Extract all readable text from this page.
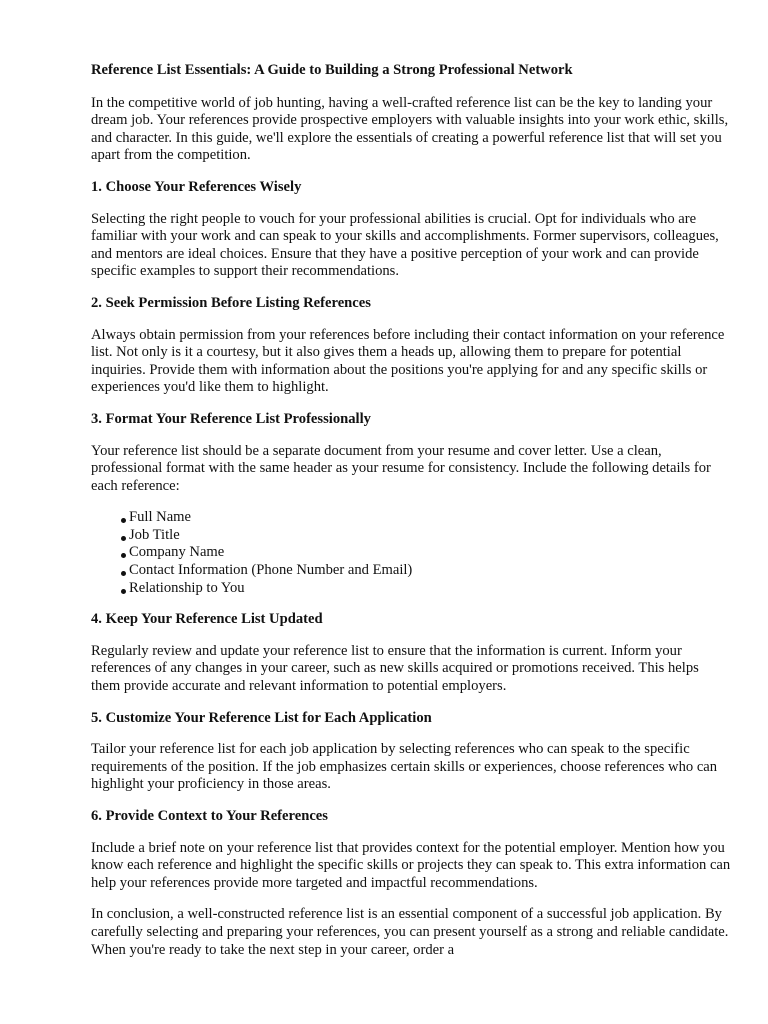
Reference List Essentials: A Guide to Building a Strong Professional Network

In the competitive world of job hunting, having a well-crafted reference list can be the key to landing your dream job. Your references provide prospective employers with valuable insights into your work ethic, skills, and character. In this guide, we'll explore the essentials of creating a powerful reference list that will set you apart from the competition.

1. Choose Your References Wisely

Selecting the right people to vouch for your professional abilities is crucial. Opt for individuals who are familiar with your work and can speak to your skills and accomplishments. Former supervisors, colleagues, and mentors are ideal choices. Ensure that they have a positive perception of your work and can provide specific examples to support their recommendations.

2. Seek Permission Before Listing References

Always obtain permission from your references before including their contact information on your reference list. Not only is it a courtesy, but it also gives them a heads up, allowing them to prepare for potential inquiries. Provide them with information about the positions you're applying for and any specific skills or experiences you'd like them to highlight.

3. Format Your Reference List Professionally

Your reference list should be a separate document from your resume and cover letter. Use a clean, professional format with the same header as your resume for consistency. Include the following details for each reference:

Full Name
Job Title
Company Name
Contact Information (Phone Number and Email)
Relationship to You
4. Keep Your Reference List Updated

Regularly review and update your reference list to ensure that the information is current. Inform your references of any changes in your career, such as new skills acquired or promotions received. This helps them provide accurate and relevant information to potential employers.

5. Customize Your Reference List for Each Application

Tailor your reference list for each job application by selecting references who can speak to the specific requirements of the position. If the job emphasizes certain skills or experiences, choose references who can highlight your proficiency in those areas.

6. Provide Context to Your References

Include a brief note on your reference list that provides context for the potential employer. Mention how you know each reference and highlight the specific skills or projects they can speak to. This extra information can help your references provide more targeted and impactful recommendations.

In conclusion, a well-constructed reference list is an essential component of a successful job application. By carefully selecting and preparing your references, you can present yourself as a strong and reliable candidate. When you're ready to take the next step in your career, order a
